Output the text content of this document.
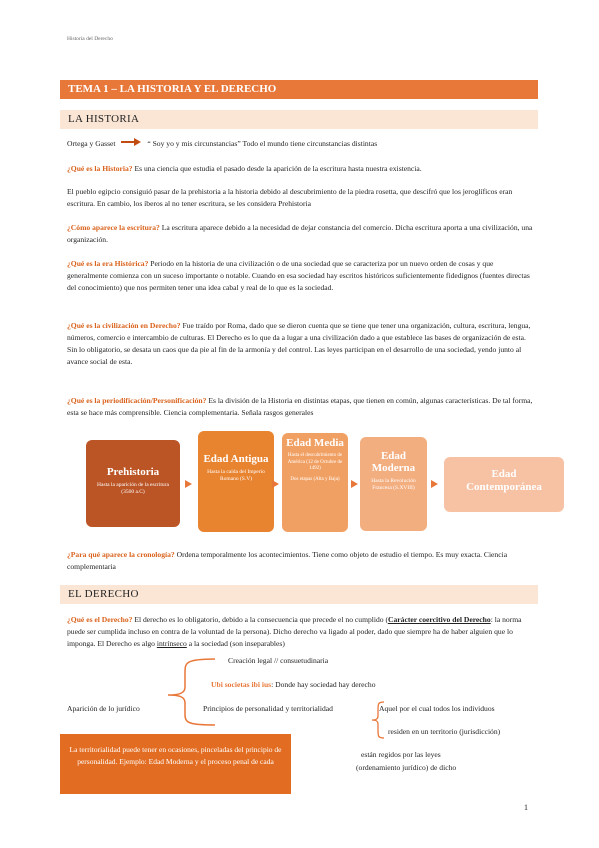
Historia del Derecho
TEMA 1 – LA HISTORIA Y EL DERECHO
LA HISTORIA
Ortega y Gasset	“ Soy yo y mis circunstancias” Todo el mundo tiene circunstancias distintas
¿Qué es la Historia? Es una ciencia que estudia el pasado desde la aparición de la escritura hasta nuestra existencia.
El pueblo egipcio consiguió pasar de la prehistoria a la historia debido al descubrimiento de la piedra rosetta, que descifró que los jeroglíficos eran escritura. En cambio, los íberos al no tener escritura, se les considera Prehistoria
¿Cómo aparece la escritura? La escritura aparece debido a la necesidad de dejar constancia del comercio. Dicha escritura aporta a una civilización, una organización.
¿Qué es la era Histórica? Periodo en la historia de una civilización o de una sociedad que se caracteriza por un nuevo orden de cosas y que generalmente comienza con un suceso importante o notable. Cuando en esa sociedad hay escritos históricos suficientemente fidedignos (fuentes directas del conocimiento) que nos permiten tener una idea cabal y real de lo que es la sociedad.
¿Qué es la civilización en Derecho? Fue traído por Roma, dado que se dieron cuenta que se tiene que tener una organización, cultura, escritura, lengua, números, comercio e intercambio de culturas. El Derecho es lo que da a lugar a una civilización dado a que establece las bases de organización de esta. Sin lo obligatorio, se desata un caos que da pie al fin de la armonía y del control. Las leyes participan en el desarrollo de una sociedad, yendo junto al avance social de esta.
¿Qué es la periodificación/Personificación? Es la división de la Historia en distintas etapas, que tienen en común, algunas características. De tal forma, esta se hace más comprensible. Ciencia complementaria. Señala rasgos generales
Prehistoria
Hasta la aparición de la escritura (3500 a.C)
Edad Antigua
Hasta la caída del Imperio Romano (S.V)
Edad Media
Hasta el descubrimiento de América (12 de Octubre de 1492)
Dos etapas (Alta y Baja)
Edad Moderna
Hasta la Revolución Francesa (S.XVIII)
Edad Contemporánea
¿Para qué aparece la cronología? Ordena temporalmente los acontecimientos. Tiene como objeto de estudio el tiempo. Es muy exacta. Ciencia complementaria
EL DERECHO
¿Qué es el Derecho? El derecho es lo obligatorio, debido a la consecuencia que precede el no cumplido (Carácter coercitivo del Derecho: la norma puede ser cumplida incluso en contra de la voluntad de la persona). Dicho derecho va ligado al poder, dado que siempre ha de haber alguien que lo imponga. El Derecho es algo intrínseco a la sociedad (son inseparables)
Creación legal // consuetudinaria
Ubi societas ibi ius: Donde hay sociedad hay derecho
Aparición de lo jurídico	Principios de personalidad y territorialidad	Aquel por el cual todos los individuos
residen en un territorio (jurisdicción)
están regidos por las leyes
(ordenamiento jurídico) de dicho
La territorialidad puede tener en ocasiones, pinceladas del principio de personalidad. Ejemplo: Edad Moderna y el proceso penal de cada
1
